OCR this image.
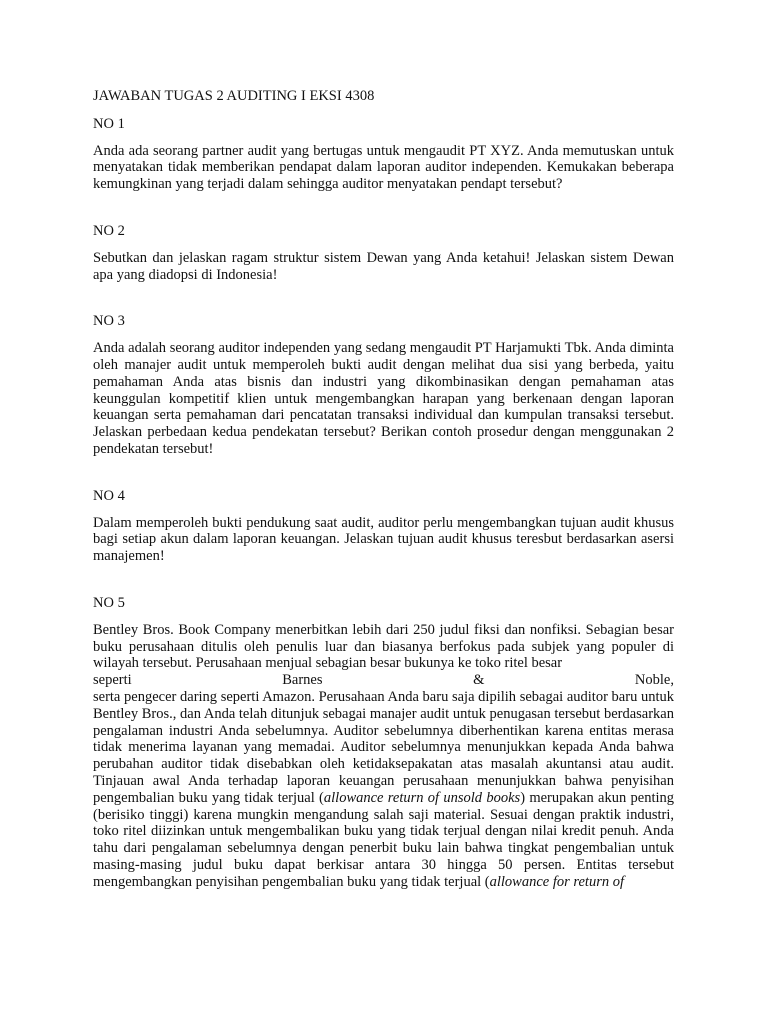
JAWABAN TUGAS 2 AUDITING I EKSI 4308

NO 1

Anda ada seorang partner audit yang bertugas untuk mengaudit PT XYZ. Anda memutuskan untuk menyatakan tidak memberikan pendapat dalam laporan auditor independen. Kemukakan beberapa kemungkinan yang terjadi dalam sehingga auditor menyatakan pendapt tersebut?

NO 2

Sebutkan dan jelaskan ragam struktur sistem Dewan yang Anda ketahui! Jelaskan sistem Dewan apa yang diadopsi di Indonesia!

NO 3

Anda adalah seorang auditor independen yang sedang mengaudit PT Harjamukti Tbk. Anda diminta oleh manajer audit untuk memperoleh bukti audit dengan melihat dua sisi yang berbeda, yaitu pemahaman Anda atas bisnis dan industri yang dikombinasikan dengan pemahaman atas keunggulan kompetitif klien untuk mengembangkan harapan yang berkenaan dengan laporan keuangan serta pemahaman dari pencatatan transaksi individual dan kumpulan transaksi tersebut. Jelaskan perbedaan kedua pendekatan tersebut? Berikan contoh prosedur dengan menggunakan 2 pendekatan tersebut!

NO 4

Dalam memperoleh bukti pendukung saat audit, auditor perlu mengembangkan tujuan audit khusus bagi setiap akun dalam laporan keuangan. Jelaskan tujuan audit khusus teresbut berdasarkan asersi manajemen!

NO 5

Bentley Bros. Book Company menerbitkan lebih dari 250 judul fiksi dan nonfiksi. Sebagian besar buku perusahaan ditulis oleh penulis luar dan biasanya berfokus pada subjek yang populer di wilayah tersebut. Perusahaan menjual sebagian besar bukunya ke toko ritel besar
seperti Barnes & Noble,
serta pengecer daring seperti Amazon. Perusahaan Anda baru saja dipilih sebagai auditor baru untuk Bentley Bros., dan Anda telah ditunjuk sebagai manajer audit untuk penugasan tersebut berdasarkan pengalaman industri Anda sebelumnya. Auditor sebelumnya diberhentikan karena entitas merasa tidak menerima layanan yang memadai. Auditor sebelumnya menunjukkan kepada Anda bahwa perubahan auditor tidak disebabkan oleh ketidaksepakatan atas masalah akuntansi atau audit. Tinjauan awal Anda terhadap laporan keuangan perusahaan menunjukkan bahwa penyisihan pengembalian buku yang tidak terjual (allowance return of unsold books) merupakan akun penting (berisiko tinggi) karena mungkin mengandung salah saji material. Sesuai dengan praktik industri, toko ritel diizinkan untuk mengembalikan buku yang tidak terjual dengan nilai kredit penuh. Anda tahu dari pengalaman sebelumnya dengan penerbit buku lain bahwa tingkat pengembalian untuk masing-masing judul buku dapat berkisar antara 30 hingga 50 persen. Entitas tersebut mengembangkan penyisihan pengembalian buku yang tidak terjual (allowance for return of
